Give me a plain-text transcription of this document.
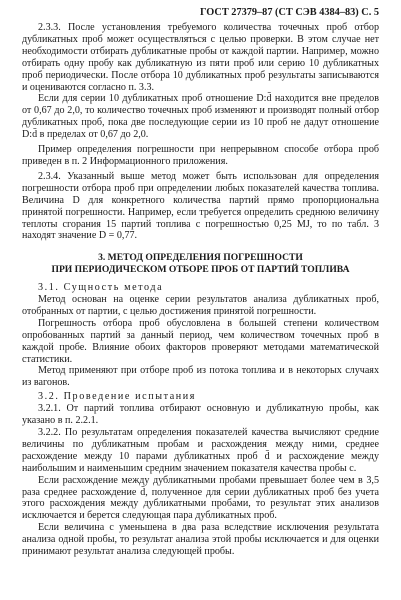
ГОСТ 27379–87 (СТ СЭВ 4384–83) С. 5

2.3.3. После установления требуемого количества точечных проб отбор дубликатных проб может осуществляться с целью проверки. В этом случае нет необходимости отбирать дубликатные пробы от каждой партии. Например, можно отбирать одну пробу как дубликатную из пяти проб или серию 10 дубликатных проб периодически. После отбора 10 дубликатных проб результаты записываются и оцениваются согласно п. 3.3.

Если для серии 10 дубликатных проб отношение D:d̄ находится вне пределов от 0,67 до 2,0, то количество точечных проб изменяют и производят полный отбор дубликатных проб, пока две последующие серии из 10 проб не дадут отношение D:d̄ в пределах от 0,67 до 2,0.

Пример определения погрешности при непрерывном способе отбора проб приведен в п. 2 Информационного приложения.

2.3.4. Указанный выше метод может быть использован для определения погрешности отбора проб при определении любых показателей качества топлива. Величина D для конкретного количества партий прямо пропорциональна принятой погрешности. Например, если требуется определить среднюю величину теплоты сгорания 15 партий топлива с погрешностью 0,25 MJ, то по табл. 3 находят значение D = 0,77.

3. МЕТОД ОПРЕДЕЛЕНИЯ ПОГРЕШНОСТИ
ПРИ ПЕРИОДИЧЕСКОМ ОТБОРЕ ПРОБ ОТ ПАРТИЙ ТОПЛИВА

3.1. Сущность метода

Метод основан на оценке серии результатов анализа дубликатных проб, отобранных от партии, с целью достижения принятой погрешности.

Погрешность отбора проб обусловлена в большей степени количеством опробованных партий за данный период, чем количеством точечных проб в каждой пробе. Влияние обоих факторов проверяют методами математической статистики.

Метод применяют при отборе проб из потока топлива и в некоторых случаях из вагонов.

3.2. Проведение испытания

3.2.1. От партий топлива отбирают основную и дубликатную пробы, как указано в п. 2.2.1.

3.2.2. По результатам определения показателей качества вычисляют средние величины по дубликатным пробам и расхождения между ними, среднее расхождение между 10 парами дубликатных проб d̄ и расхождение между наибольшим и наименьшим средним значением показателя качества пробы c.

Если расхождение между дубликатными пробами превышает более чем в 3,5 раза среднее расхождение d̄, полученное для серии дубликатных проб без учета этого расхождения между дубликатными пробами, то результат этих анализов исключается и берется следующая пара дубликатных проб.

Если величина c уменьшена в два раза вследствие исключения результата анализа одной пробы, то результат анализа этой пробы исключается и для оценки принимают результат анализа следующей пробы.
